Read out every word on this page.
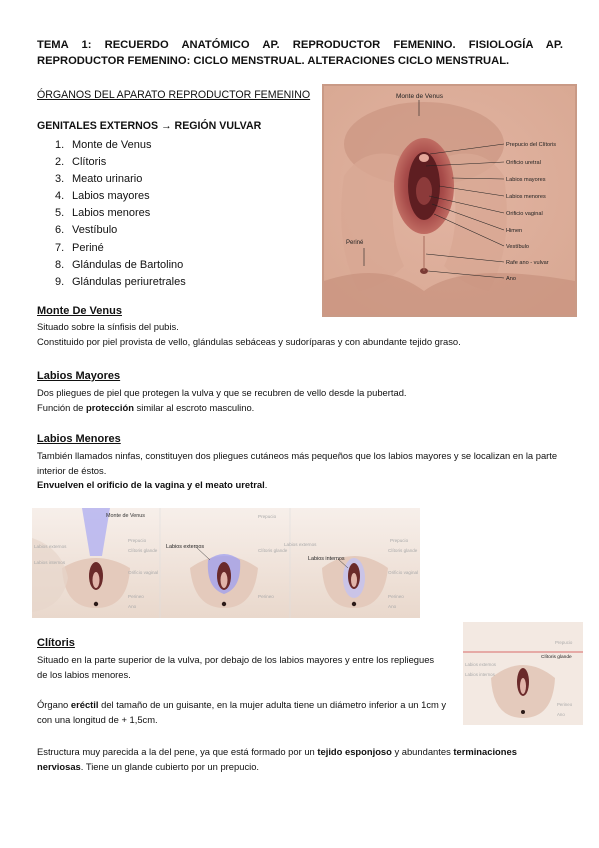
TEMA 1: RECUERDO ANATÓMICO AP. REPRODUCTOR FEMENINO. FISIOLOGÍA AP. REPRODUCTOR FEMENINO: CICLO MENSTRUAL. ALTERACIONES CICLO MENSTRUAL.
ÓRGANOS DEL APARATO REPRODUCTOR FEMENINO
GENITALES EXTERNOS → REGIÓN VULVAR
1. Monte de Venus
2. Clítoris
3. Meato urinario
4. Labios mayores
5. Labios menores
6. Vestíbulo
7. Periné
8. Glándulas de Bartolino
9. Glándulas periuretrales
Monte de Venus
Periné
Prepucio del Clítoris
Orificio uretral
Labios mayores
Labios menores
Orificio vaginal
Himen
Vestíbulo
Rafe ano - vulvar
Ano
Monte De Venus

Situado sobre la sínfisis del pubis.

Constituido por piel provista de vello, glándulas sebáceas y sudoríparas y con abundante tejido graso.

Labios Mayores

Dos pliegues de piel que protegen la vulva y que se recubren de vello desde la pubertad.

Función de protección similar al escroto masculino.

Labios Menores

También llamados ninfas, constituyen dos pliegues cutáneos más pequeños que los labios mayores y se localizan en la parte interior de éstos.

Envuelven el orificio de la vagina y el meato uretral.

Monte de Venus
Labios externos
Labios internos
Prepucio
Clítoris glande
Orificio vaginal
Perineo
Ano
Labios externos
Prepucio
Clítoris glande
Perineo
Labios internos
Labios externos
Prepucio
Clítoris glande
Orificio vaginal
Perineo
Ano
Clítoris
Situado en la parte superior de la vulva, por debajo de los labios mayores y entre los repliegues de los labios menores.
Órgano eréctil del tamaño de un guisante, en la mujer adulta tiene un diámetro inferior a un 1cm y con una longitud de + 1,5cm.
Estructura muy parecida a la del pene, ya que está formado por un tejido esponjoso y abundantes terminaciones nerviosas. Tiene un glande cubierto por un prepucio.
Clítoris glande
Prepucio
Labios externos
Labios internos
Perineo
Ano
